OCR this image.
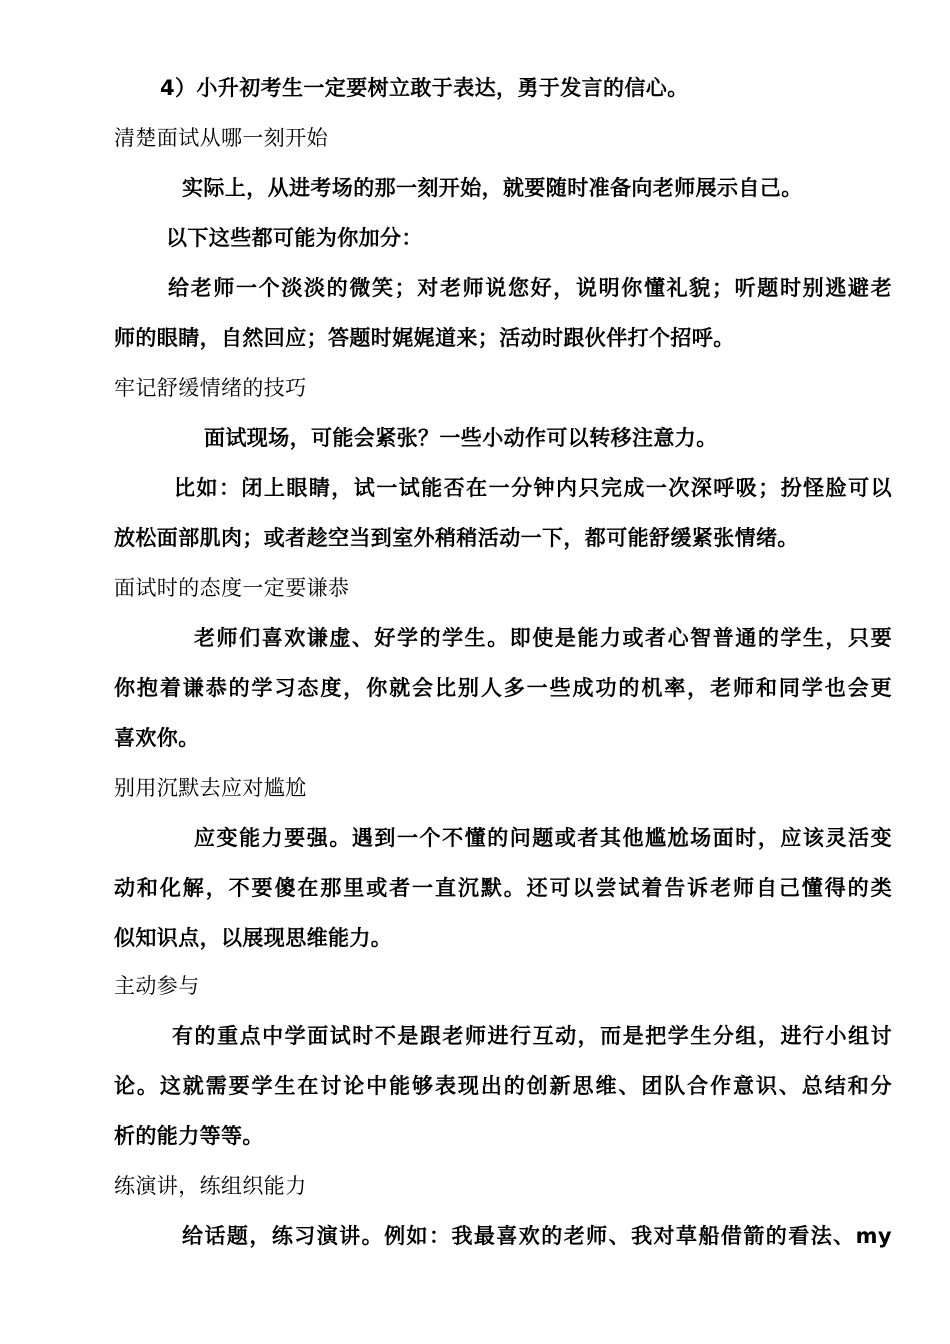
4）小升初考生一定要树立敢于表达，勇于发言的信心。
清楚面试从哪一刻开始
实际上，从进考场的那一刻开始，就要随时准备向老师展示自己。
以下这些都可能为你加分：
给老师一个淡淡的微笑；对老师说您好，说明你懂礼貌；听题时别逃避老
师的眼睛，自然回应；答题时娓娓道来；活动时跟伙伴打个招呼。
牢记舒缓情绪的技巧
面试现场，可能会紧张？一些小动作可以转移注意力。
比如：闭上眼睛，试一试能否在一分钟内只完成一次深呼吸；扮怪脸可以
放松面部肌肉；或者趁空当到室外稍稍活动一下，都可能舒缓紧张情绪。
面试时的态度一定要谦恭
老师们喜欢谦虚、好学的学生。即使是能力或者心智普通的学生，只要
你抱着谦恭的学习态度，你就会比别人多一些成功的机率，老师和同学也会更
喜欢你。
别用沉默去应对尴尬
应变能力要强。遇到一个不懂的问题或者其他尴尬场面时，应该灵活变
动和化解，不要傻在那里或者一直沉默。还可以尝试着告诉老师自己懂得的类
似知识点，以展现思维能力。
主动参与
有的重点中学面试时不是跟老师进行互动，而是把学生分组，进行小组讨
论。这就需要学生在讨论中能够表现出的创新思维、团队合作意识、总结和分
析的能力等等。
练演讲，练组织能力
给话题，练习演讲。例如：我最喜欢的老师、我对草船借箭的看法、my
